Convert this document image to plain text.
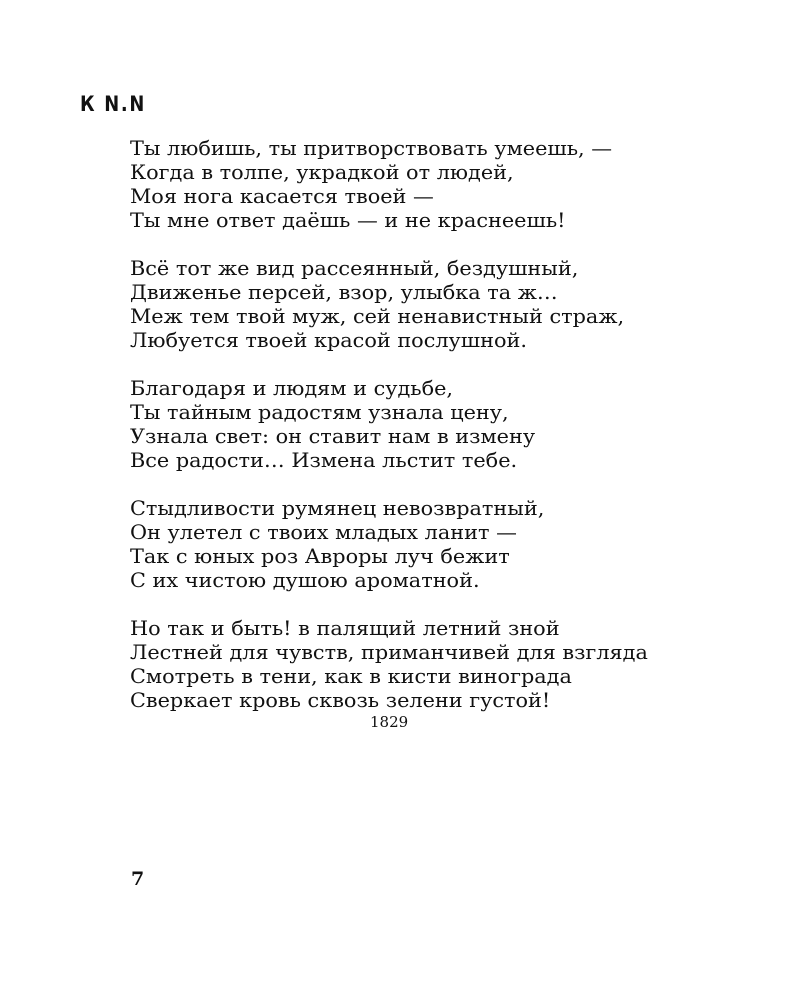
К N.N
Ты любишь, ты притворствовать умеешь, —
Когда в толпе, украдкой от людей,
Моя нога касается твоей —
Ты мне ответ даёшь — и не краснеешь!
Всё тот же вид рассеянный, бездушный,
Движенье персей, взор, улыбка та ж…
Меж тем твой муж, сей ненавистный страж,
Любуется твоей красой послушной.
Благодаря и людям и судьбе,
Ты тайным радостям узнала цену,
Узнала свет: он ставит нам в измену
Все радости… Измена льстит тебе.
Стыдливости румянец невозвратный,
Он улетел с твоих младых ланит —
Так с юных роз Авроры луч бежит
С их чистою душою ароматной.
Но так и быть! в палящий летний зной
Лестней для чувств, приманчивей для взгляда
Смотреть в тени, как в кисти винограда
Сверкает кровь сквозь зелени густой!
1829
7
